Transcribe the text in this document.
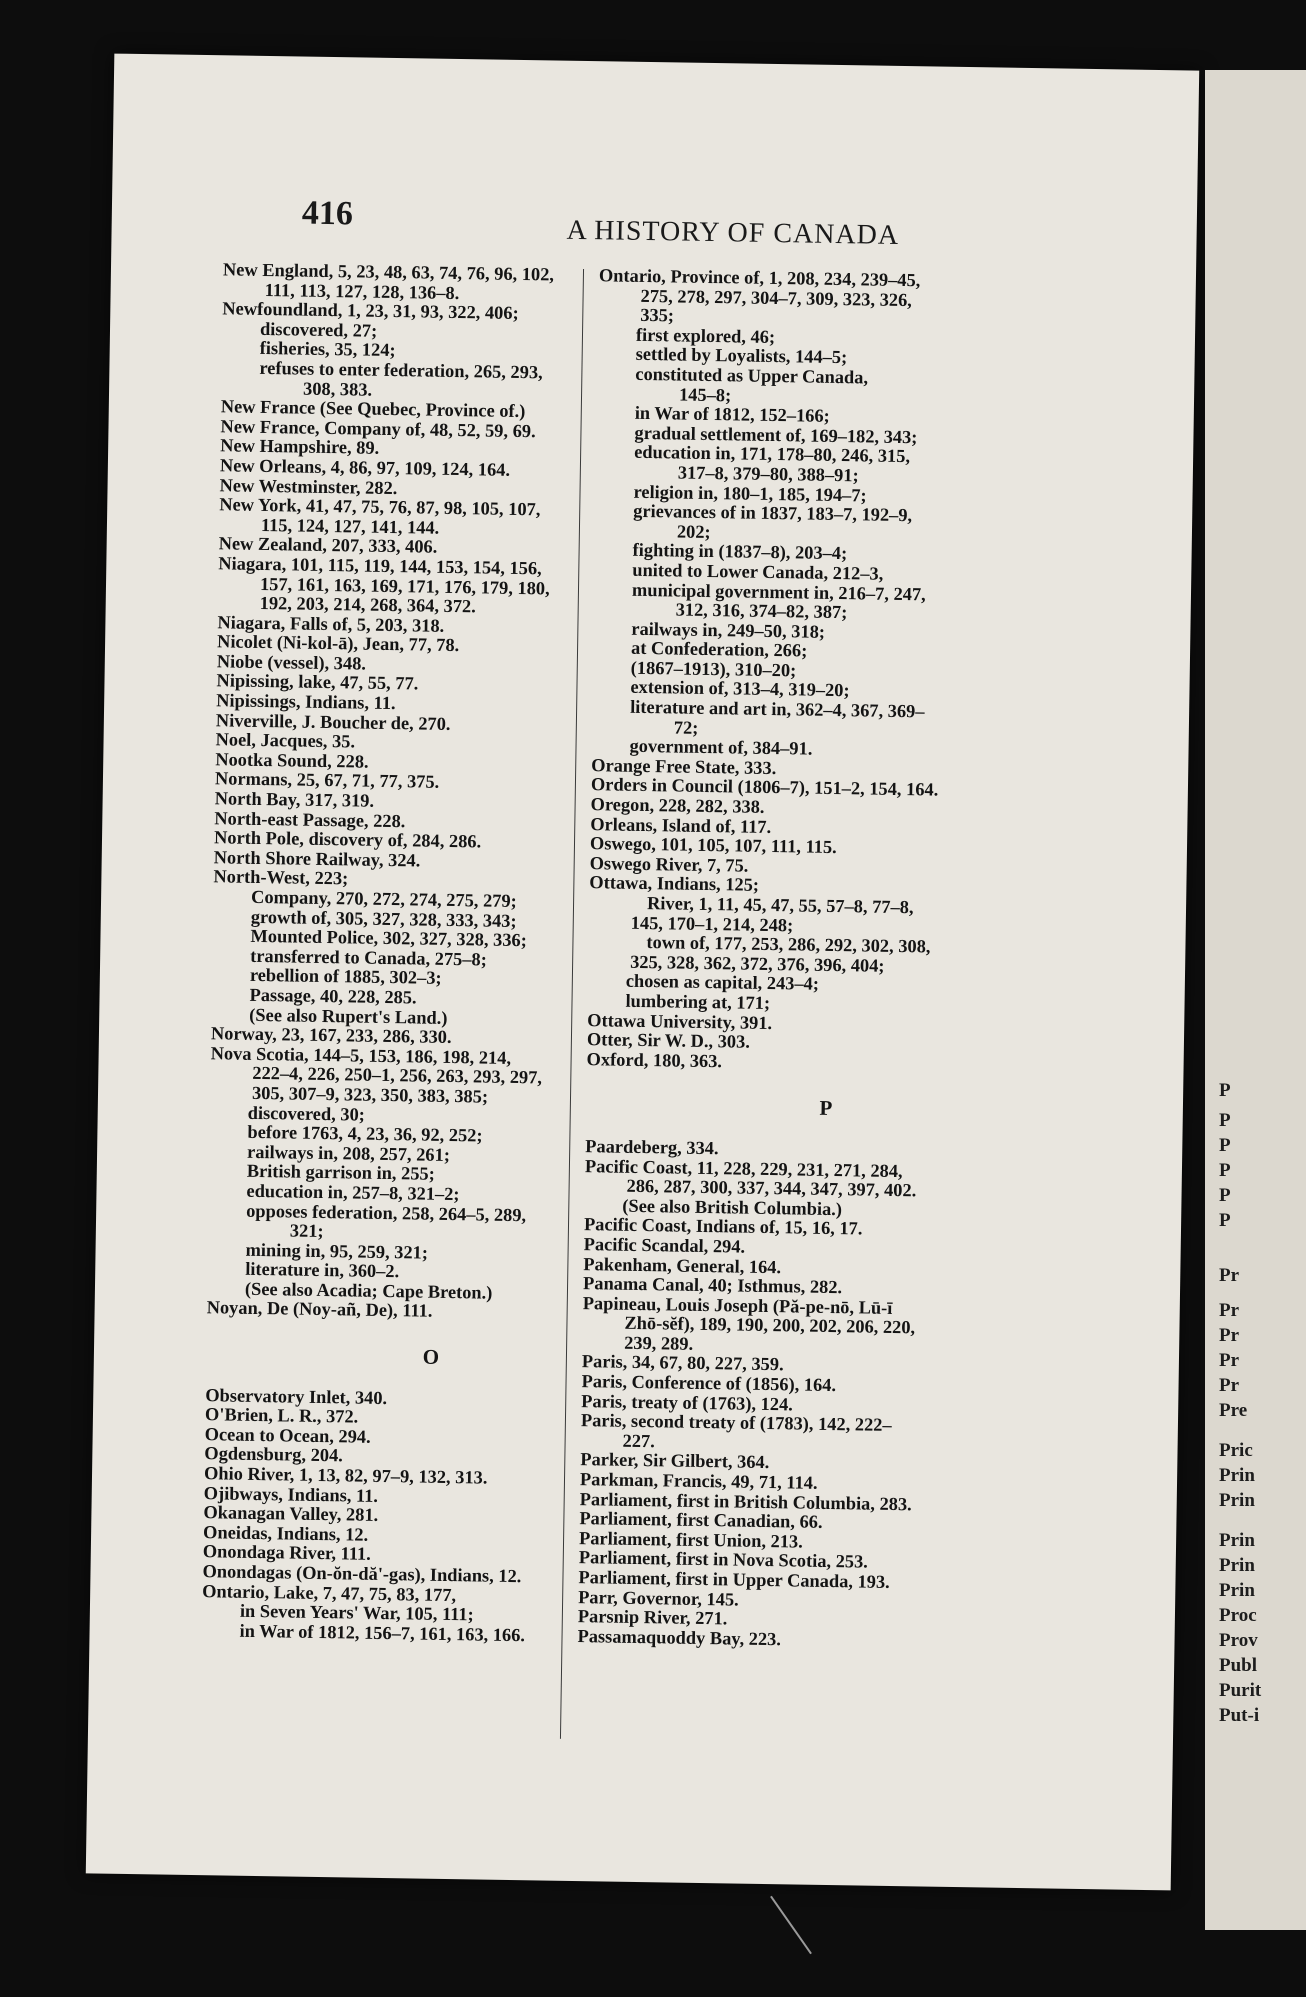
416
A HISTORY OF CANADA
New England, 5, 23, 48, 63, 74, 76, 96, 102,
111, 113, 127, 128, 136–8.
Newfoundland, 1, 23, 31, 93, 322, 406;
discovered, 27;
fisheries, 35, 124;
refuses to enter federation, 265, 293,
308, 383.
New France (See Quebec, Province of.)
New France, Company of, 48, 52, 59, 69.
New Hampshire, 89.
New Orleans, 4, 86, 97, 109, 124, 164.
New Westminster, 282.
New York, 41, 47, 75, 76, 87, 98, 105, 107,
115, 124, 127, 141, 144.
New Zealand, 207, 333, 406.
Niagara, 101, 115, 119, 144, 153, 154, 156,
157, 161, 163, 169, 171, 176, 179, 180,
192, 203, 214, 268, 364, 372.
Niagara, Falls of, 5, 203, 318.
Nicolet (Ni-kol-ā), Jean, 77, 78.
Niobe (vessel), 348.
Nipissing, lake, 47, 55, 77.
Nipissings, Indians, 11.
Niverville, J. Boucher de, 270.
Noel, Jacques, 35.
Nootka Sound, 228.
Normans, 25, 67, 71, 77, 375.
North Bay, 317, 319.
North-east Passage, 228.
North Pole, discovery of, 284, 286.
North Shore Railway, 324.
North-West, 223;
Company, 270, 272, 274, 275, 279;
growth of, 305, 327, 328, 333, 343;
Mounted Police, 302, 327, 328, 336;
transferred to Canada, 275–8;
rebellion of 1885, 302–3;
Passage, 40, 228, 285.
(See also Rupert's Land.)
Norway, 23, 167, 233, 286, 330.
Nova Scotia, 144–5, 153, 186, 198, 214,
222–4, 226, 250–1, 256, 263, 293, 297,
305, 307–9, 323, 350, 383, 385;
discovered, 30;
before 1763, 4, 23, 36, 92, 252;
railways in, 208, 257, 261;
British garrison in, 255;
education in, 257–8, 321–2;
opposes federation, 258, 264–5, 289,
321;
mining in, 95, 259, 321;
literature in, 360–2.
(See also Acadia; Cape Breton.)
Noyan, De (Noy-añ, De), 111.
O
Observatory Inlet, 340.
O'Brien, L. R., 372.
Ocean to Ocean, 294.
Ogdensburg, 204.
Ohio River, 1, 13, 82, 97–9, 132, 313.
Ojibways, Indians, 11.
Okanagan Valley, 281.
Oneidas, Indians, 12.
Onondaga River, 111.
Onondagas (On-ŏn-dă'-gas), Indians, 12.
Ontario, Lake, 7, 47, 75, 83, 177,
in Seven Years' War, 105, 111;
in War of 1812, 156–7, 161, 163, 166.
Ontario, Province of, 1, 208, 234, 239–45,
275, 278, 297, 304–7, 309, 323, 326,
335;
first explored, 46;
settled by Loyalists, 144–5;
constituted as Upper Canada,
145–8;
in War of 1812, 152–166;
gradual settlement of, 169–182, 343;
education in, 171, 178–80, 246, 315,
317–8, 379–80, 388–91;
religion in, 180–1, 185, 194–7;
grievances of in 1837, 183–7, 192–9,
202;
fighting in (1837–8), 203–4;
united to Lower Canada, 212–3,
municipal government in, 216–7, 247,
312, 316, 374–82, 387;
railways in, 249–50, 318;
at Confederation, 266;
(1867–1913), 310–20;
extension of, 313–4, 319–20;
literature and art in, 362–4, 367, 369–
72;
government of, 384–91.
Orange Free State, 333.
Orders in Council (1806–7), 151–2, 154, 164.
Oregon, 228, 282, 338.
Orleans, Island of, 117.
Oswego, 101, 105, 107, 111, 115.
Oswego River, 7, 75.
Ottawa, Indians, 125;
River, 1, 11, 45, 47, 55, 57–8, 77–8,
145, 170–1, 214, 248;
town of, 177, 253, 286, 292, 302, 308,
325, 328, 362, 372, 376, 396, 404;
chosen as capital, 243–4;
lumbering at, 171;
Ottawa University, 391.
Otter, Sir W. D., 303.
Oxford, 180, 363.
P
Paardeberg, 334.
Pacific Coast, 11, 228, 229, 231, 271, 284,
286, 287, 300, 337, 344, 347, 397, 402.
(See also British Columbia.)
Pacific Coast, Indians of, 15, 16, 17.
Pacific Scandal, 294.
Pakenham, General, 164.
Panama Canal, 40; Isthmus, 282.
Papineau, Louis Joseph (Pă-pe-nō, Lū-ī
Zhō-sĕf), 189, 190, 200, 202, 206, 220,
239, 289.
Paris, 34, 67, 80, 227, 359.
Paris, Conference of (1856), 164.
Paris, treaty of (1763), 124.
Paris, second treaty of (1783), 142, 222–
227.
Parker, Sir Gilbert, 364.
Parkman, Francis, 49, 71, 114.
Parliament, first in British Columbia, 283.
Parliament, first Canadian, 66.
Parliament, first Union, 213.
Parliament, first in Nova Scotia, 253.
Parliament, first in Upper Canada, 193.
Parr, Governor, 145.
Parsnip River, 271.
Passamaquoddy Bay, 223.
P
P
P
P
P
P
Pr
Pr
Pr
Pr
Pr
Pre
Pric
Prin
Prin
Prin
Prin
Prin
Proc
Prov
Publ
Purit
Put-i
